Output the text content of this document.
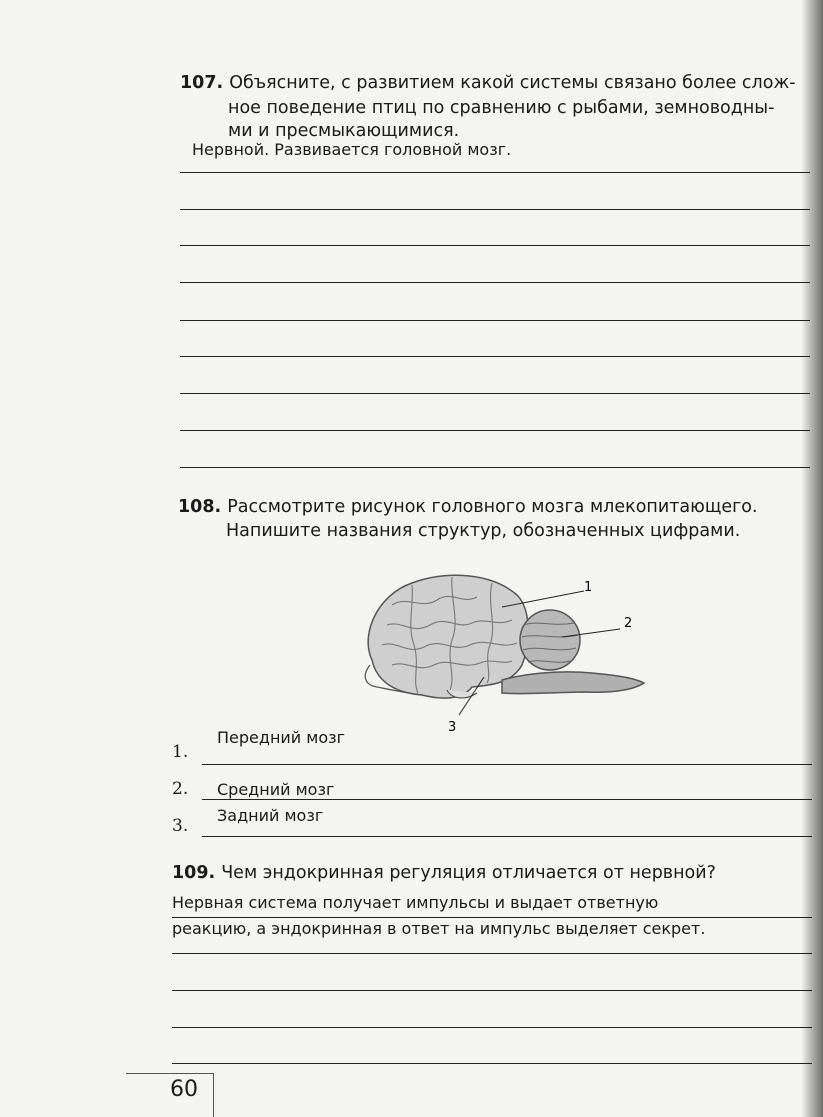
107. Объясните, с развитием какой системы связано более слож-
ное поведение птиц по сравнению с рыбами, земноводны-
ми и пресмыкающимися.
Нервной. Развивается головной мозг.
108. Рассмотрите рисунок головного мозга млекопитающего.
Напишите названия структур, обозначенных цифрами.
1
2
3
1.
Передний мозг
2. Средний мозг
3.
Задний мозг
109. Чем эндокринная регуляция отличается от нервной?
Нервная система получает импульсы и выдает ответную
реакцию, а эндокринная в ответ на импульс выделяет секрет.
60
